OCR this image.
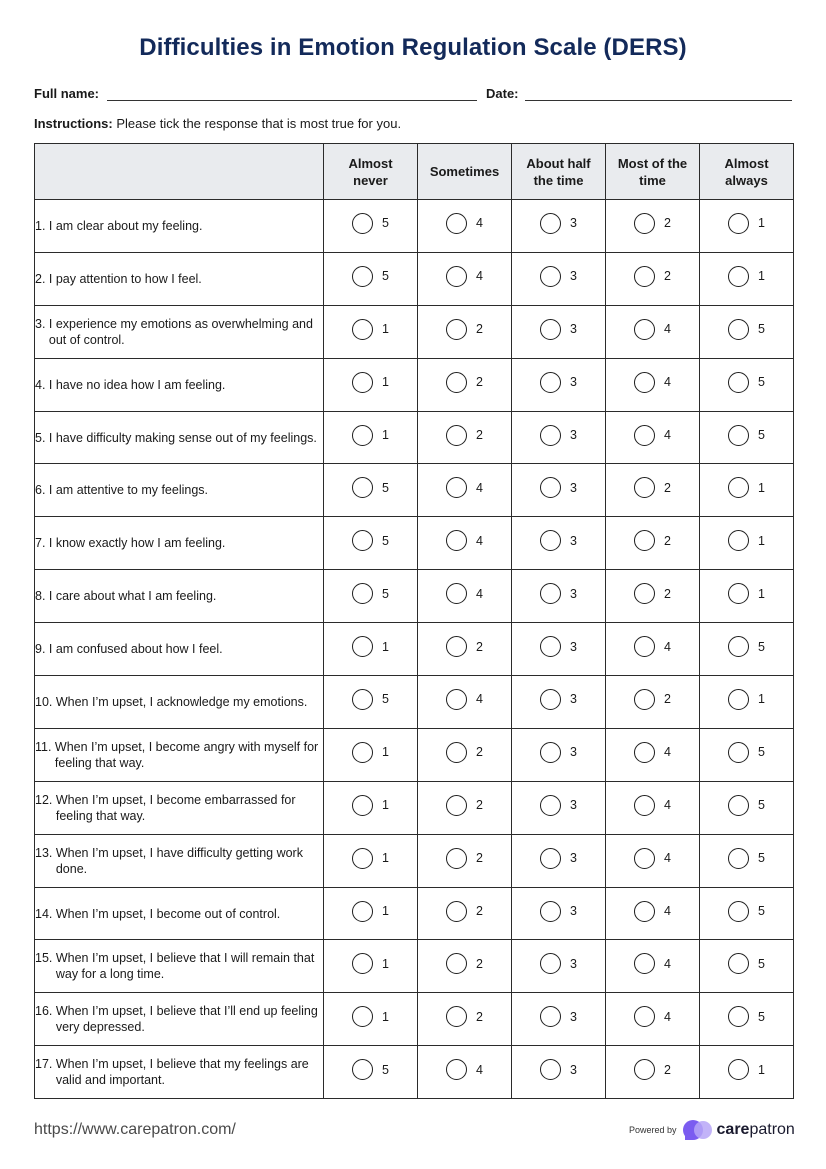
Difficulties in Emotion Regulation Scale (DERS)
Full name:	Date:
Instructions: Please tick the response that is most true for you.
	Almost never	Sometimes	About half the time	Most of the time	Almost always

1. I am clear about my feeling.	5	4	3	2	1

2. I pay attention to how I feel.	5	4	3	2	1

3. I experience my emotions as overwhelming and out of control.	1	2	3	4	5

4. I have no idea how I am feeling.	1	2	3	4	5

5. I have difficulty making sense out of my feelings.	1	2	3	4	5

6. I am attentive to my feelings.	5	4	3	2	1

7. I know exactly how I am feeling.	5	4	3	2	1

8. I care about what I am feeling.	5	4	3	2	1

9. I am confused about how I feel.	1	2	3	4	5

10. When I’m upset, I acknowledge my emotions.	5	4	3	2	1

11. When I’m upset, I become angry with myself for feeling that way.	1	2	3	4	5

12. When I’m upset, I become embarrassed for feeling that way.	1	2	3	4	5

13. When I’m upset, I have difficulty getting work done.	1	2	3	4	5

14. When I’m upset, I become out of control.	1	2	3	4	5

15. When I’m upset, I believe that I will remain that way for a long time.	1	2	3	4	5

16. When I’m upset, I believe that I’ll end up feeling very depressed.	1	2	3	4	5

17. When I’m upset, I believe that my feelings are valid and important.	5	4	3	2	1
https://www.carepatron.com/	Powered by	carepatron
